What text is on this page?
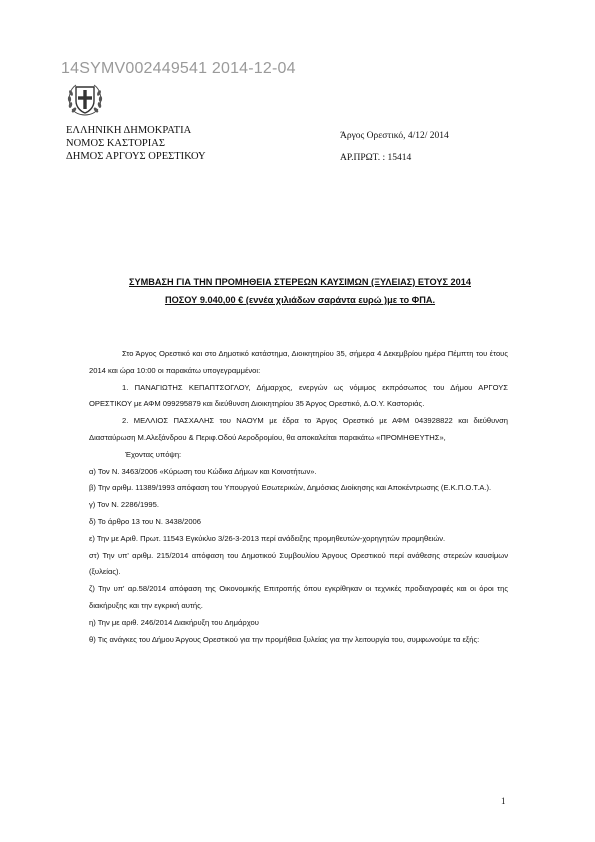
14SYMV002449541 2014-12-04
ΕΛΛΗΝΙΚΗ ΔΗΜΟΚΡΑΤΙΑ
ΝΟΜΟΣ ΚΑΣΤΟΡΙΑΣ
ΔΗΜΟΣ ΑΡΓΟΥΣ ΟΡΕΣΤΙΚΟΥ
Άργος Ορεστικό, 4/12/ 2014
ΑΡ.ΠΡΩΤ. : 15414
ΣΥΜΒΑΣΗ ΓΙΑ ΤΗΝ ΠΡΟΜΗΘΕΙΑ ΣΤΕΡΕΩΝ ΚΑΥΣΙΜΩΝ (ΞΥΛΕΙΑΣ) ΕΤΟΥΣ 2014
ΠΟΣΟΥ 9.040,00 € (εννέα χιλιάδων σαράντα ευρώ )με το ΦΠΑ.

Στο Άργος Ορεστικό και στο Δημοτικό κατάστημα, Διοικητηρίου 35, σήμερα 4 Δεκεμβρίου ημέρα Πέμπτη του έτους 2014 και ώρα 10:00 οι παρακάτω υπογεγραμμένοι:

1. ΠΑΝΑΓΙΩΤΗΣ ΚΕΠΑΠΤΣΟΓΛΟΥ, Δήμαρχος, ενεργών ως νόμιμος εκπρόσωπος του Δήμου ΑΡΓΟΥΣ ΟΡΕΣΤΙΚΟΥ με ΑΦΜ 099295879 και διεύθυνση Διοικητηρίου 35 Άργος Ορεστικό, Δ.Ο.Υ. Καστοριάς.

2. ΜΕΛΛΙΟΣ ΠΑΣΧΑΛΗΣ του ΝΑΟΥΜ με έδρα το Άργος Ορεστικό με ΑΦΜ 043928822 και διεύθυνση Διασταύρωση Μ.Αλεξάνδρου & Περιφ.Οδού Αεροδρομίου, θα αποκαλείται παρακάτω «ΠΡΟΜΗΘΕΥΤΗΣ»,

Έχοντας υπόψη:

α) Τον Ν. 3463/2006 «Κύρωση του Κώδικα Δήμων και Κοινοτήτων».

β) Την αριθμ. 11389/1993 απόφαση του Υπουργού Εσωτερικών, Δημόσιας Διοίκησης και Αποκέντρωσης (Ε.Κ.Π.Ο.Τ.Α.).

γ) Τον Ν. 2286/1995.

δ) Το άρθρο 13 του Ν. 3438/2006

ε) Την με Αριθ. Πρωτ. 11543 Εγκύκλιο 3/26-3-2013 περί ανάδειξης προμηθευτών-χορηγητών προμηθειών.

στ) Την υπ' αριθμ. 215/2014 απόφαση του Δημοτικού Συμβουλίου Άργους Ορεστικού περί ανάθεσης στερεών καυσίμων (ξυλείας).

ζ) Την υπ' αρ.58/2014 απόφαση της Οικονομικής Επιτροπής όπου εγκρίθηκαν οι τεχνικές προδιαγραφές και οι όροι της διακήρυξης και την εγκρική αυτής.

η) Την με αριθ. 246/2014 Διακήρυξη του Δημάρχου

θ) Τις ανάγκες του Δήμου Άργους Ορεστικού για την προμήθεια ξυλείας για την λειτουργία του, συμφωνούμε τα εξής:

1
